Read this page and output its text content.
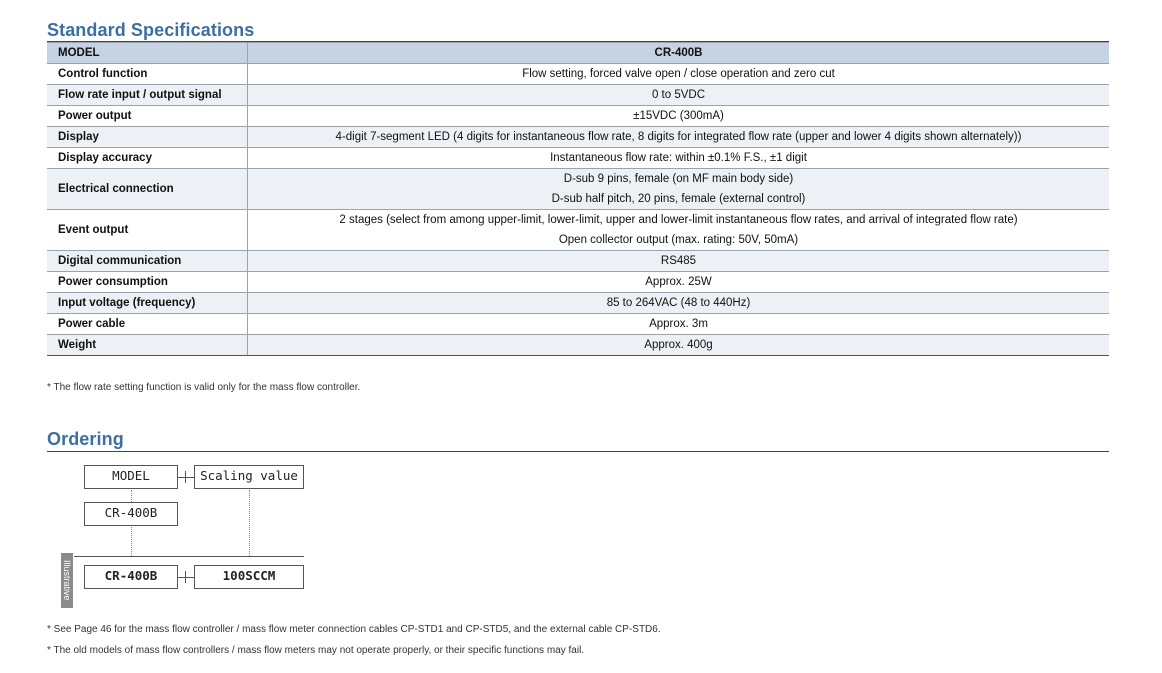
Standard Specifications
MODEL	CR-400B
Control function	Flow setting, forced valve open / close operation and zero cut

Flow rate input / output signal	0 to 5VDC

Power output	±15VDC (300mA)

Display	4-digit 7-segment LED (4 digits for instantaneous flow rate, 8 digits for integrated flow rate (upper and lower 4 digits shown alternately))

Display accuracy	Instantaneous flow rate: within ±0.1% F.S., ±1 digit

Electrical connection	D-sub 9 pins, female (on MF main body side)
D-sub half pitch, 20 pins, female (external control)

Event output	2 stages (select from among upper-limit, lower-limit, upper and lower-limit instantaneous flow rates, and arrival of integrated flow rate)
Open collector output (max. rating: 50V, 50mA)

Digital communication	RS485

Power consumption	Approx. 25W

Input voltage (frequency)	85 to 264VAC (48 to 440Hz)

Power cable	Approx. 3m

Weight	Approx. 400g

* The flow rate setting function is valid only for the mass flow controller.

Ordering
MODEL	Scaling value
CR-400B
Illustrative example	CR-400B	100SCCM

* See Page 46 for the mass flow controller / mass flow meter connection cables CP-STD1 and CP-STD5, and the external cable CP-STD6.

* The old models of mass flow controllers / mass flow meters may not operate properly, or their specific functions may fail.
